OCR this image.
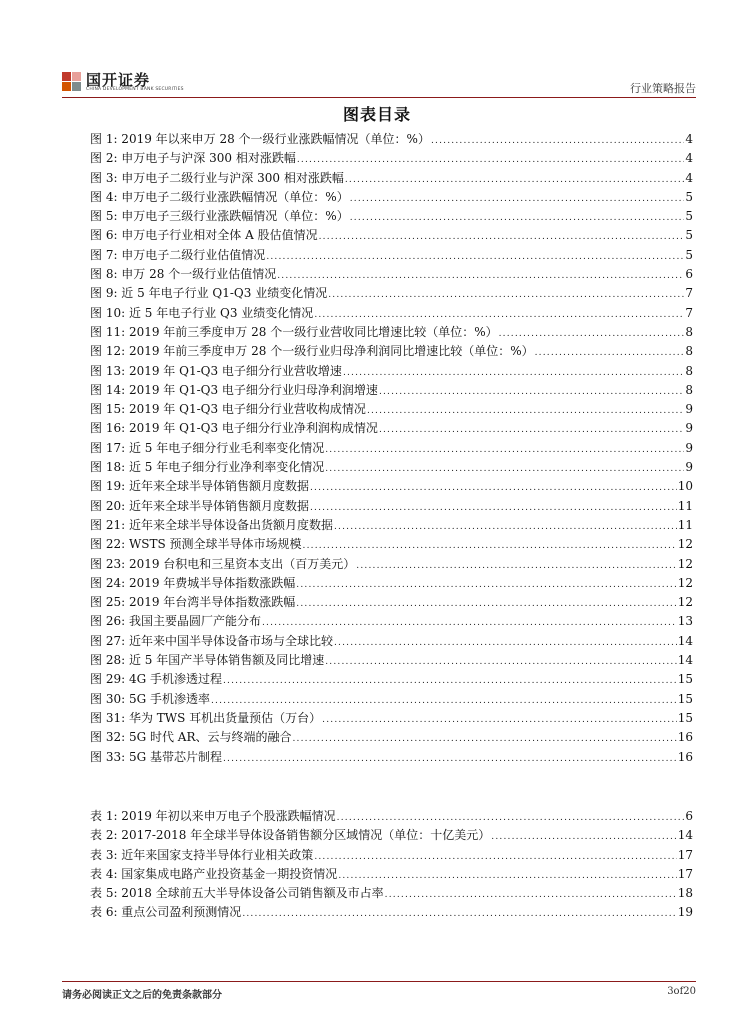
国开证券
CHINA DEVELOPMENT BANK SECURITIES	行业策略报告
图表目录
图 1: 2019 年以来申万 28 个一级行业涨跌幅情况（单位：%） .....	4
图 2: 申万电子与沪深 300 相对涨跌幅 .....	4
图 3: 申万电子二级行业与沪深 300 相对涨跌幅 .....	4
图 4: 申万电子二级行业涨跌幅情况（单位：%） .....	5
图 5: 申万电子三级行业涨跌幅情况（单位：%） .....	5
图 6: 申万电子行业相对全体 A 股估值情况 .....	5
图 7: 申万电子二级行业估值情况 .....	5
图 8: 申万 28 个一级行业估值情况 .....	6
图 9: 近 5 年电子行业 Q1-Q3 业绩变化情况 .....	7
图 10: 近 5 年电子行业 Q3 业绩变化情况 .....	7
图 11: 2019 年前三季度申万 28 个一级行业营收同比增速比较（单位：%） .....	8
图 12: 2019 年前三季度申万 28 个一级行业归母净利润同比增速比较（单位：%） .....	8
图 13: 2019 年 Q1-Q3 电子细分行业营收增速 .....	8
图 14: 2019 年 Q1-Q3 电子细分行业归母净利润增速 .....	8
图 15: 2019 年 Q1-Q3 电子细分行业营收构成情况 .....	9
图 16: 2019 年 Q1-Q3 电子细分行业净利润构成情况 .....	9
图 17: 近 5 年电子细分行业毛利率变化情况 .....	9
图 18: 近 5 年电子细分行业净利率变化情况 .....	9
图 19: 近年来全球半导体销售额月度数据 .....	10
图 20: 近年来全球半导体销售额月度数据 .....	11
图 21: 近年来全球半导体设备出货额月度数据 .....	11
图 22: WSTS 预测全球半导体市场规模 .....	12
图 23: 2019 台积电和三星资本支出（百万美元） .....	12
图 24: 2019 年费城半导体指数涨跌幅 .....	12
图 25: 2019 年台湾半导体指数涨跌幅 .....	12
图 26: 我国主要晶圆厂产能分布 .....	13
图 27: 近年来中国半导体设备市场与全球比较 .....	14
图 28: 近 5 年国产半导体销售额及同比增速 .....	14
图 29: 4G 手机渗透过程 .....	15
图 30: 5G 手机渗透率 .....	15
图 31: 华为 TWS 耳机出货量预估（万台） .....	15
图 32: 5G 时代 AR、云与终端的融合 .....	16
图 33: 5G 基带芯片制程 .....	16
表 1: 2019 年初以来申万电子个股涨跌幅情况 .....	6
表 2: 2017-2018 年全球半导体设备销售额分区域情况（单位：十亿美元） .....	14
表 3: 近年来国家支持半导体行业相关政策 .....	17
表 4: 国家集成电路产业投资基金一期投资情况 .....	17
表 5: 2018 全球前五大半导体设备公司销售额及市占率 .....	18
表 6: 重点公司盈利预测情况 .....	19
请务必阅读正文之后的免责条款部分	3of20
